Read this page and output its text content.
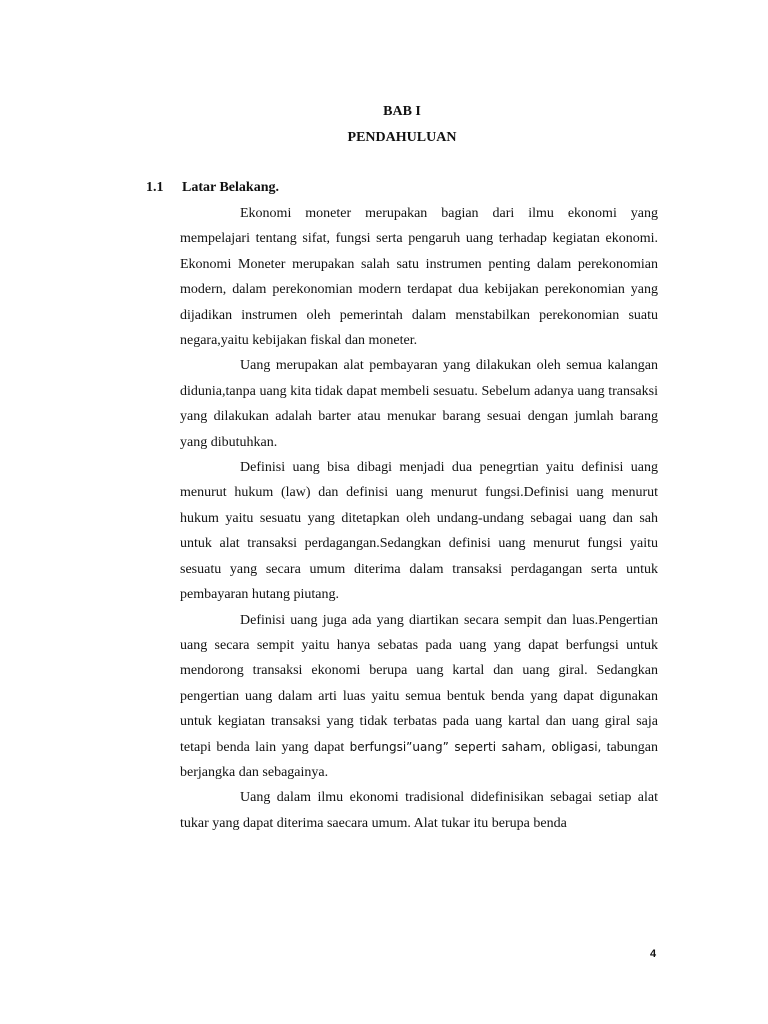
BAB I
PENDAHULUAN
1.1 Latar Belakang.

Ekonomi moneter merupakan bagian dari ilmu ekonomi yang mempelajari tentang sifat, fungsi serta pengaruh uang terhadap kegiatan ekonomi. Ekonomi Moneter merupakan salah satu instrumen penting dalam perekonomian modern, dalam perekonomian modern terdapat dua kebijakan perekonomian yang dijadikan instrumen oleh pemerintah dalam menstabilkan perekonomian suatu negara,yaitu kebijakan fiskal dan moneter.

Uang merupakan alat pembayaran yang dilakukan oleh semua kalangan didunia,tanpa uang kita tidak dapat membeli sesuatu. Sebelum adanya uang transaksi yang dilakukan adalah barter atau menukar barang sesuai dengan jumlah barang yang dibutuhkan.

Definisi uang bisa dibagi menjadi dua penegrtian yaitu definisi uang menurut hukum (law) dan definisi uang menurut fungsi.Definisi uang menurut hukum yaitu sesuatu yang ditetapkan oleh undang-undang sebagai uang dan sah untuk alat transaksi perdagangan.Sedangkan definisi uang menurut fungsi yaitu sesuatu yang secara umum diterima dalam transaksi perdagangan serta untuk pembayaran hutang piutang.

Definisi uang juga ada yang diartikan secara sempit dan luas.Pengertian uang secara sempit yaitu hanya sebatas pada uang yang dapat berfungsi untuk mendorong transaksi ekonomi berupa uang kartal dan uang giral. Sedangkan pengertian uang dalam arti luas yaitu semua bentuk benda yang dapat digunakan untuk kegiatan transaksi yang tidak terbatas pada uang kartal dan uang giral saja tetapi benda lain yang dapat berfungsi”uang” seperti saham, obligasi, tabungan berjangka dan sebagainya.

Uang dalam ilmu ekonomi tradisional didefinisikan sebagai setiap alat tukar yang dapat diterima saecara umum. Alat tukar itu berupa benda

4
